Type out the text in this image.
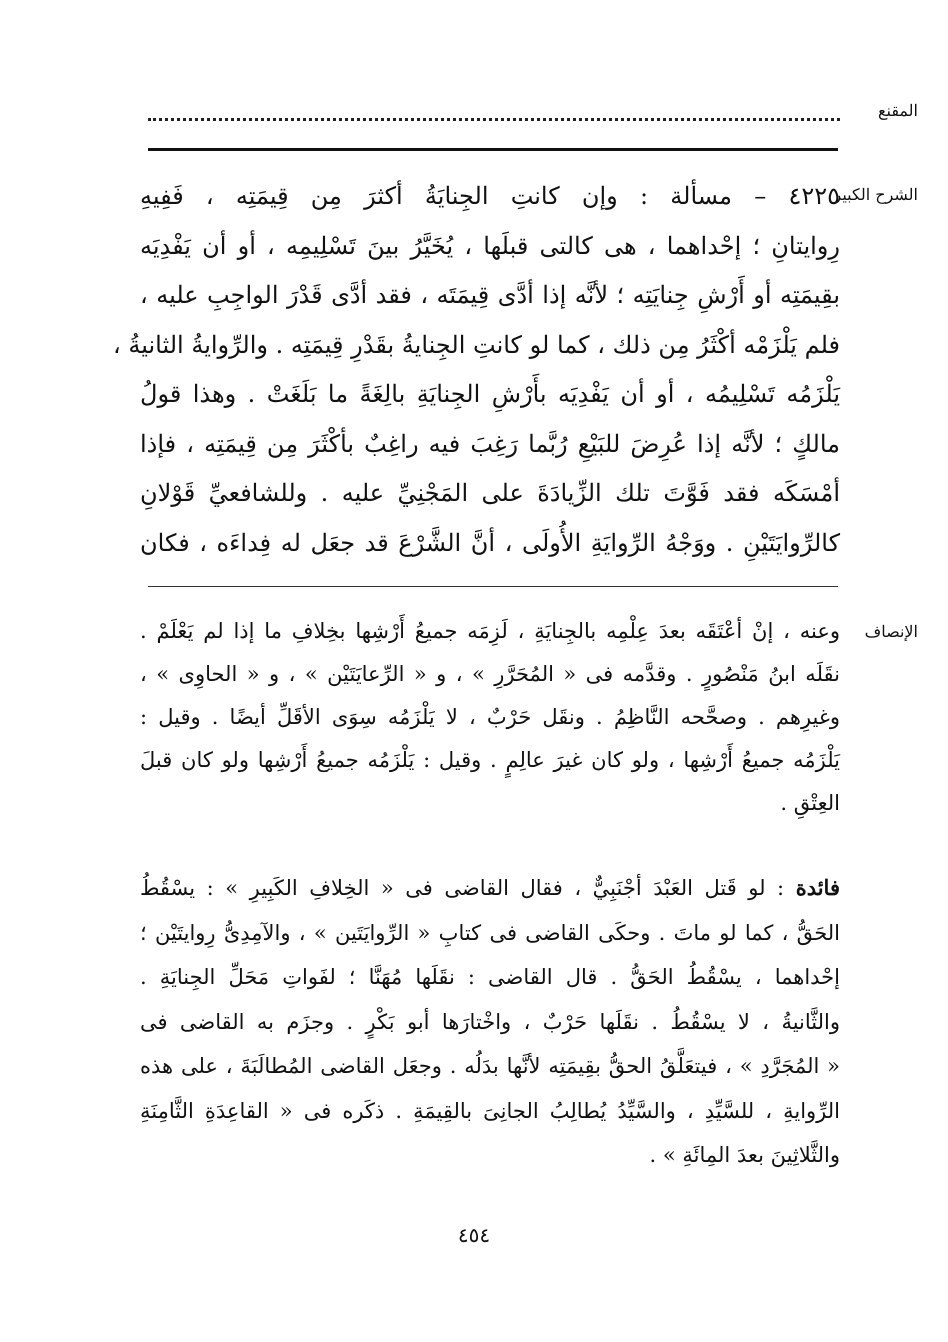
المقنع
الشرح الكبير
٤٢٢٥ – مسألة : وإن كانتِ الجِنايَةُ أكثرَ مِن قِيمَتِه ، فَفِيهِ
رِوايتانِ ؛ إحْداهما ، هى كالتى قبلَها ، يُخَيَّرُ بينَ تَسْلِيمِه ، أو أن يَفْدِيَه
بقِيمَتِه أو أَرْشِ جِنايَتِه ؛ لأنَّه إذا أدَّى قِيمَتَه ، فقد أدَّى قَدْرَ الواجِبِ عليه ،
فلم يَلْزَمْه أكْثَرُ مِن ذلك ، كما لو كانتِ الجِنايةُ بقَدْرِ قِيمَتِه . والرِّوايةُ الثانيةُ ،
يَلْزَمُه تَسْلِيمُه ، أو أن يَفْدِيَه بأَرْشِ الجِنايَةِ بالِغَةً ما بَلَغَتْ . وهذا قولُ
مالكٍ ؛ لأنَّه إذا عُرِضَ للبَيْعِ رُبَّما رَغِبَ فيه راغِبٌ بأكْثَرَ مِن قِيمَتِه ، فإذا
أمْسَكَه فقد فَوَّتَ تلك الزِّيادَةَ على المَجْنِيِّ عليه . وللشافعيِّ قَوْلانِ
كالرِّوايَتَيْنِ . ووَجْهُ الرِّوايَةِ الأُولَى ، أنَّ الشَّرْعَ قد جعَل له فِداءَه ، فكان
الإنصاف
وعنه ، إنْ أعْتَقَه بعدَ عِلْمِه بالجِنايَةِ ، لَزِمَه جميعُ أَرْشِها بخِلافِ ما إذا لم يَعْلَمْ .
نقَلَه ابنُ مَنْصُورٍ . وقدَّمه فى « المُحَرَّرِ » ، و « الرِّعايَتَيْن » ، و « الحاوِى » ،
وغيرِهم . وصحَّحه النَّاظِمُ . ونقَل حَرْبٌ ، لا يَلْزَمُه سِوَى الأقَلِّ أيضًا . وقيل :
يَلْزَمُه جميعُ أَرْشِها ، ولو كان غيرَ عالِمٍ . وقيل : يَلْزَمُه جميعُ أَرْشِها ولو كان قبلَ
العِتْقِ .
فائدة : لو قَتل العَبْدَ أجْنَبِيٌّ ، فقال القاضى فى « الخِلافِ الكَبِيرِ » : يسْقُطُ
الحَقُّ ، كما لو ماتَ . وحكَى القاضى فى كتابِ « الرِّوايَتَين » ، والآمِدِىُّ رِوايتَيْن ؛
إحْداهما ، يسْقُطُ الحَقُّ . قال القاضى : نقَلَها مُهَنَّا ؛ لفَواتِ مَحَلِّ الجِنايَةِ .
والثَّانيةُ ، لا يسْقُطُ . نقَلَها حَرْبٌ ، واخْتارَها أبو بَكْرٍ . وجزَم به القاضى فى
« المُجَرَّدِ » ، فيتعَلَّقُ الحقُّ بقِيمَتِه لأنَّها بدَلُه . وجعَل القاضى المُطالَبَةَ ، على هذه
الرِّوايةِ ، للسَّيِّدِ ، والسَّيِّدُ يُطالِبُ الجانِىَ بالقِيمَةِ . ذكَره فى « القاعِدَةِ الثَّامِنَةِ
والثَّلاثِينَ بعدَ المِائَةِ » .
٤٥٤
